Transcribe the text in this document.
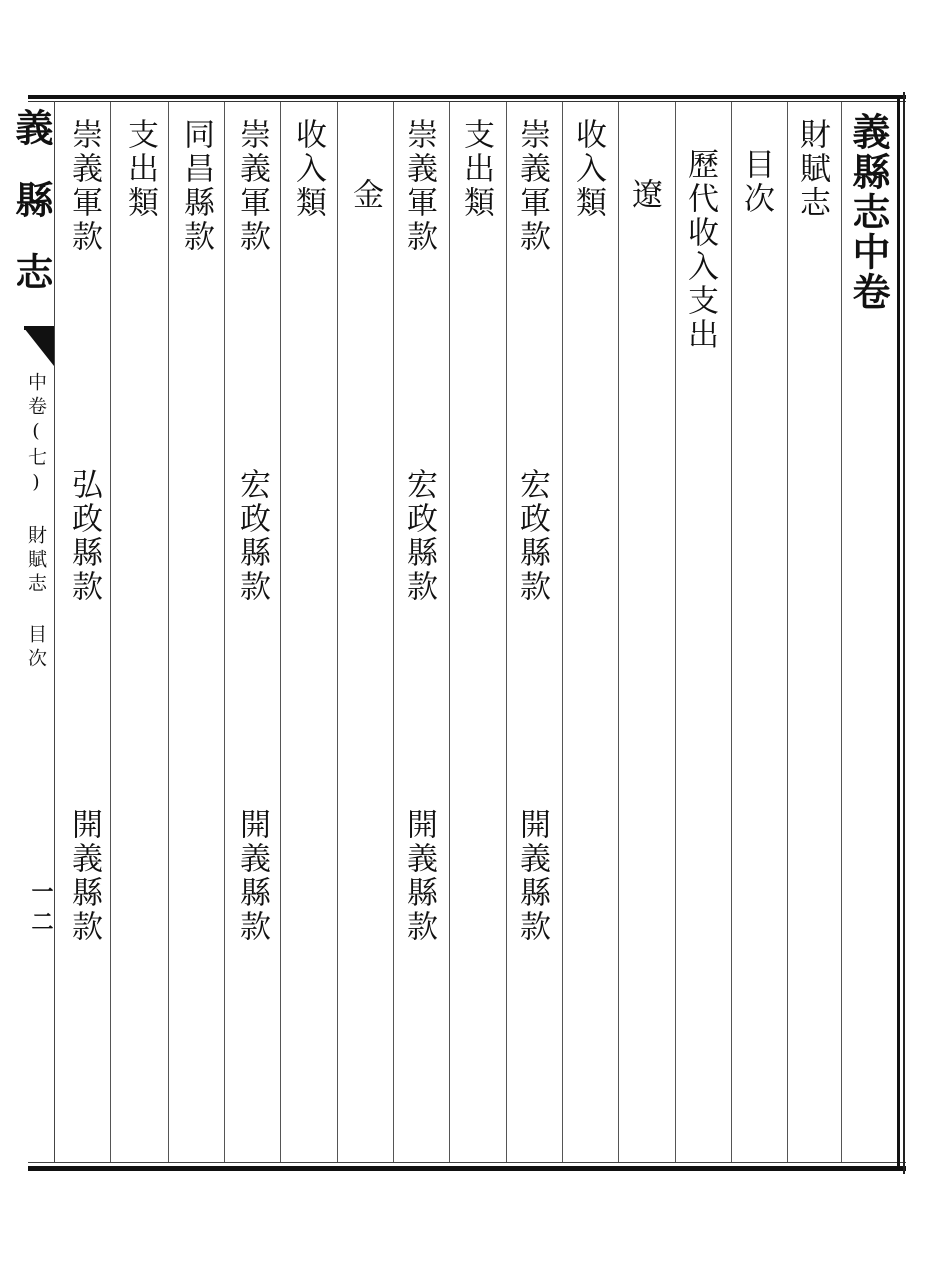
義縣志
中卷(七) 財賦志 目次
一二
義縣志中卷
財賦志
目次
歷代收入支出
遼
收入類
崇義軍款
宏政縣款
開義縣款
支出類
崇義軍款
宏政縣款
開義縣款
金
收入類
崇義軍款
宏政縣款
開義縣款
同昌縣款
支出類
崇義軍款
弘政縣款
開義縣款
